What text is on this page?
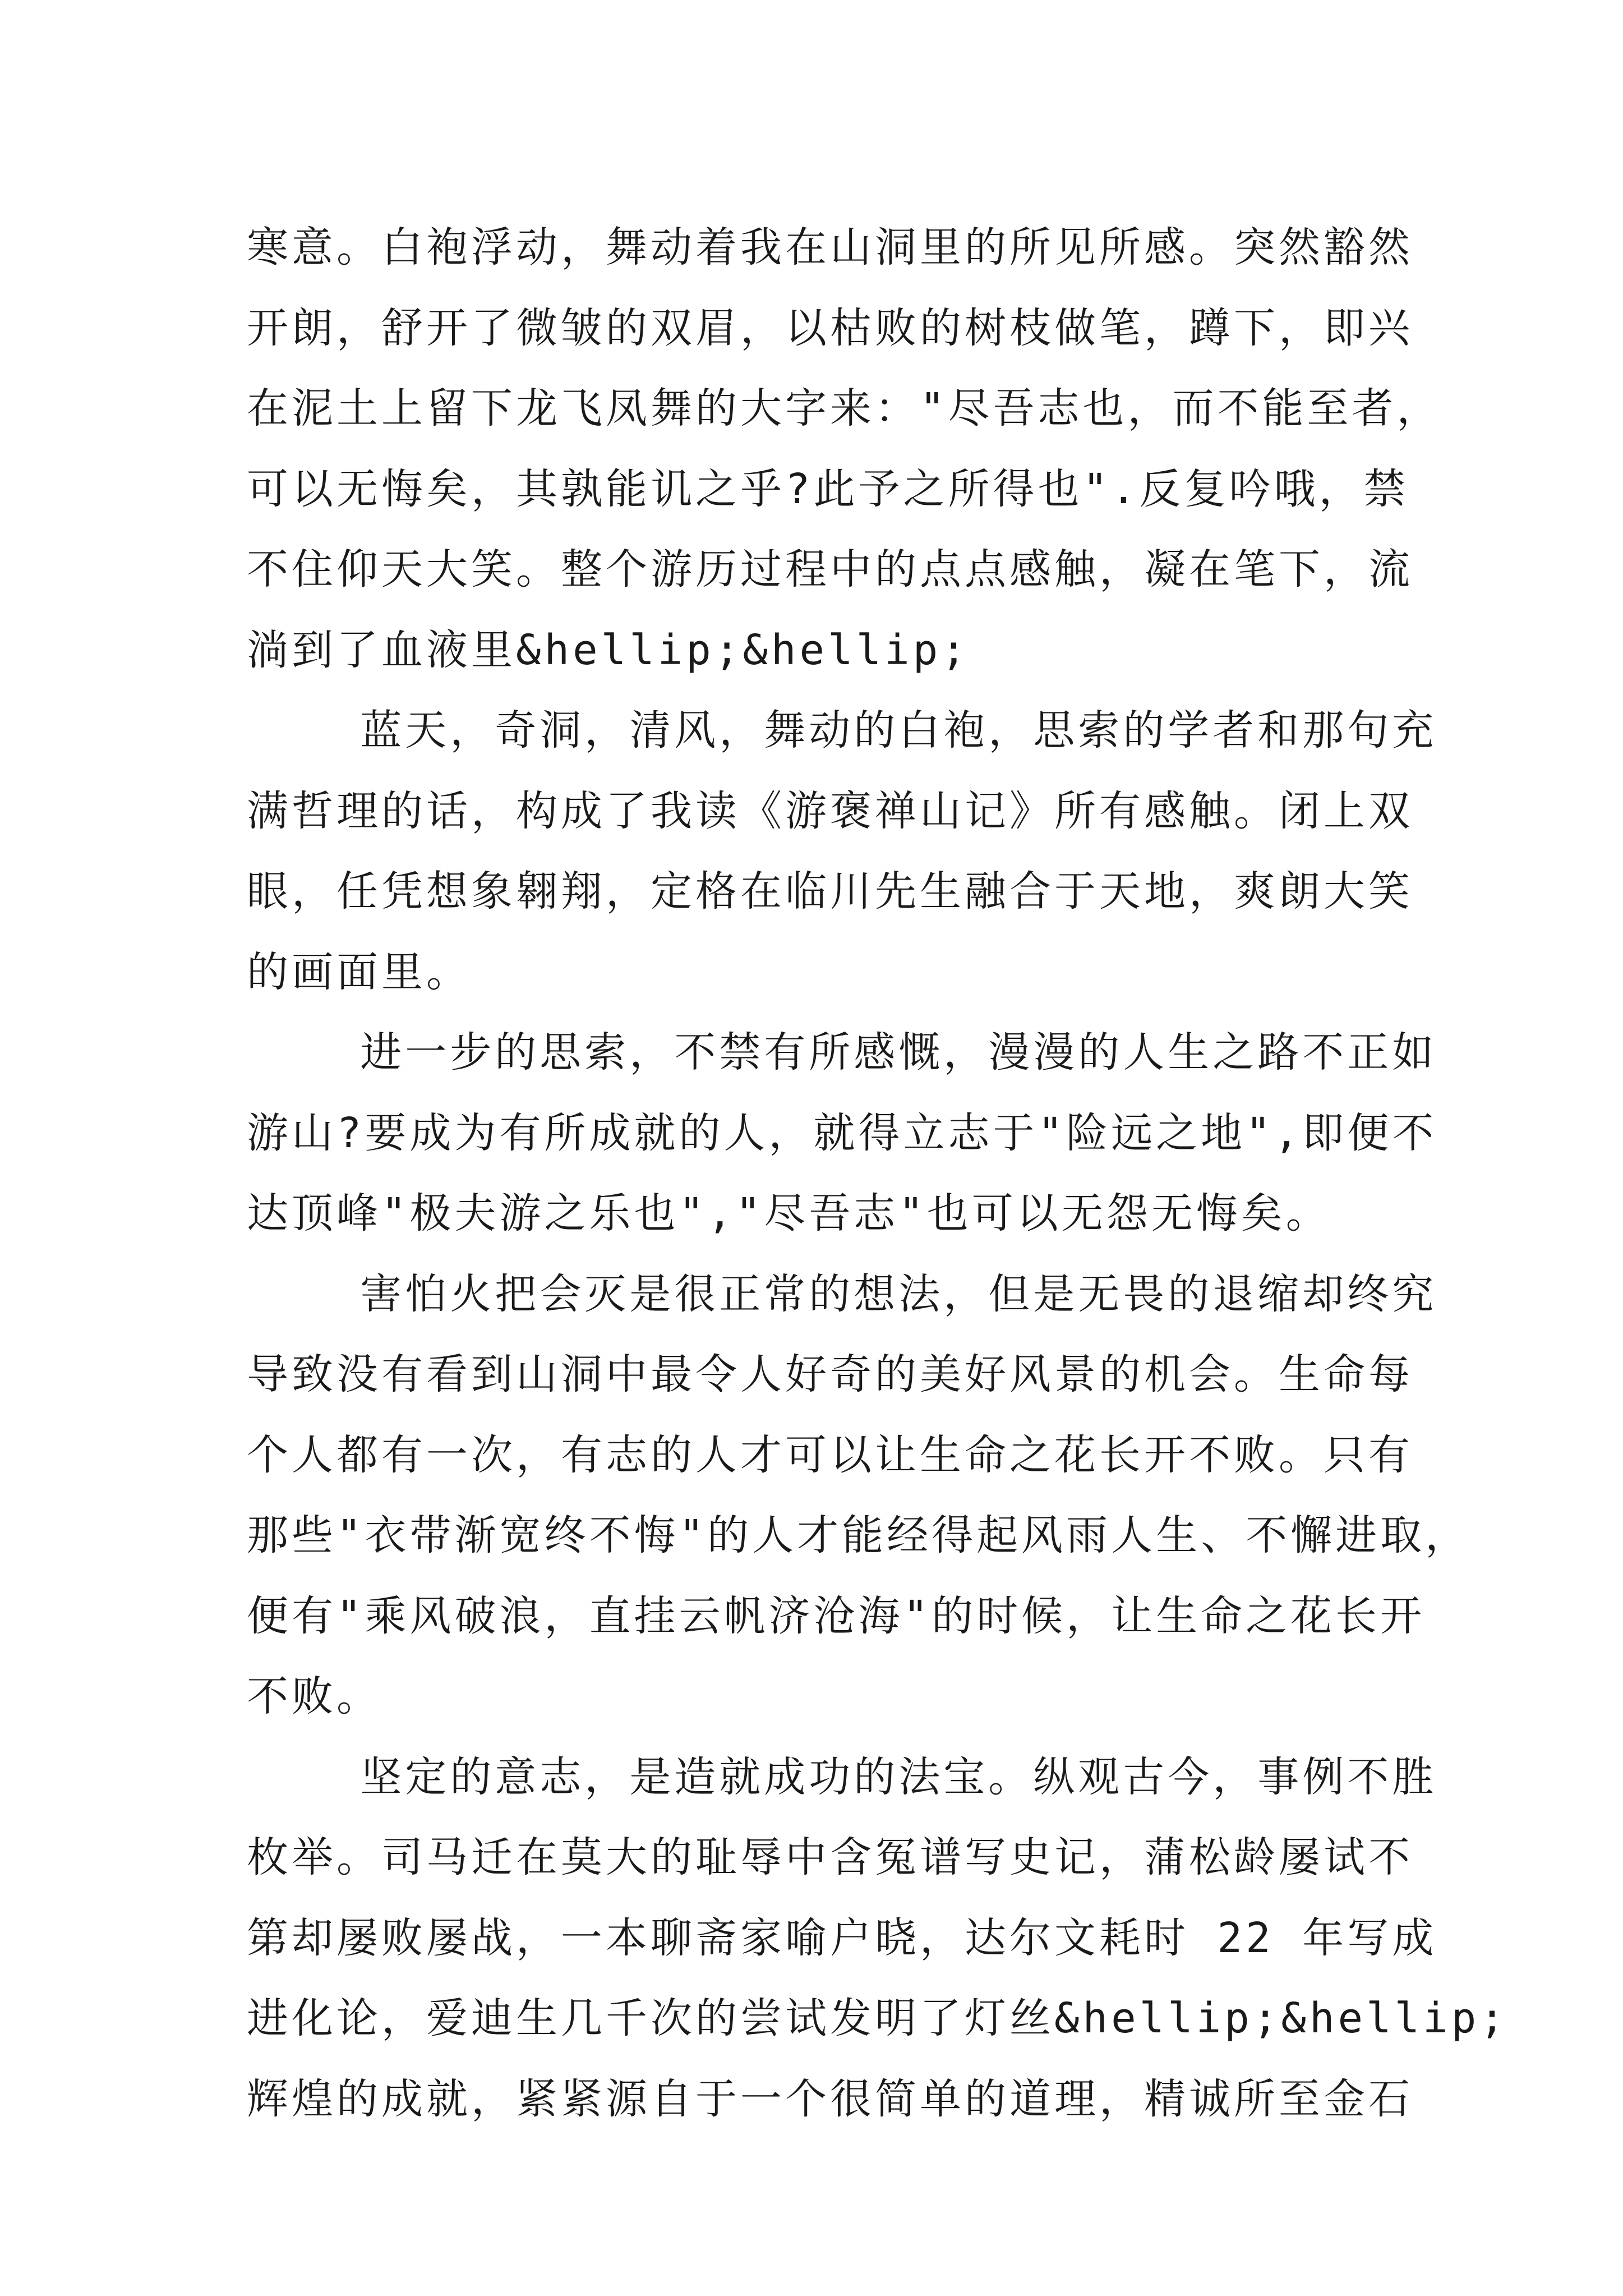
寒意。白袍浮动，舞动着我在山洞里的所见所感。突然豁然
开朗，舒开了微皱的双眉，以枯败的树枝做笔，蹲下，即兴
在泥土上留下龙飞凤舞的大字来："尽吾志也，而不能至者，
可以无悔矣，其孰能讥之乎?此予之所得也".反复吟哦，禁
不住仰天大笑。整个游历过程中的点点感触，凝在笔下，流
淌到了血液里&hellip;&hellip;
蓝天，奇洞，清风，舞动的白袍，思索的学者和那句充
满哲理的话，构成了我读《游褒禅山记》所有感触。闭上双
眼，任凭想象翱翔，定格在临川先生融合于天地，爽朗大笑
的画面里。
进一步的思索，不禁有所感慨，漫漫的人生之路不正如
游山?要成为有所成就的人，就得立志于"险远之地",即便不
达顶峰"极夫游之乐也","尽吾志"也可以无怨无悔矣。
害怕火把会灭是很正常的想法，但是无畏的退缩却终究
导致没有看到山洞中最令人好奇的美好风景的机会。生命每
个人都有一次，有志的人才可以让生命之花长开不败。只有
那些"衣带渐宽终不悔"的人才能经得起风雨人生、不懈进取，
便有"乘风破浪，直挂云帆济沧海"的时候，让生命之花长开
不败。
坚定的意志，是造就成功的法宝。纵观古今，事例不胜
枚举。司马迁在莫大的耻辱中含冤谱写史记，蒲松龄屡试不
第却屡败屡战，一本聊斋家喻户晓，达尔文耗时 22 年写成
进化论，爱迪生几千次的尝试发明了灯丝&hellip;&hellip;
辉煌的成就，紧紧源自于一个很简单的道理，精诚所至金石
